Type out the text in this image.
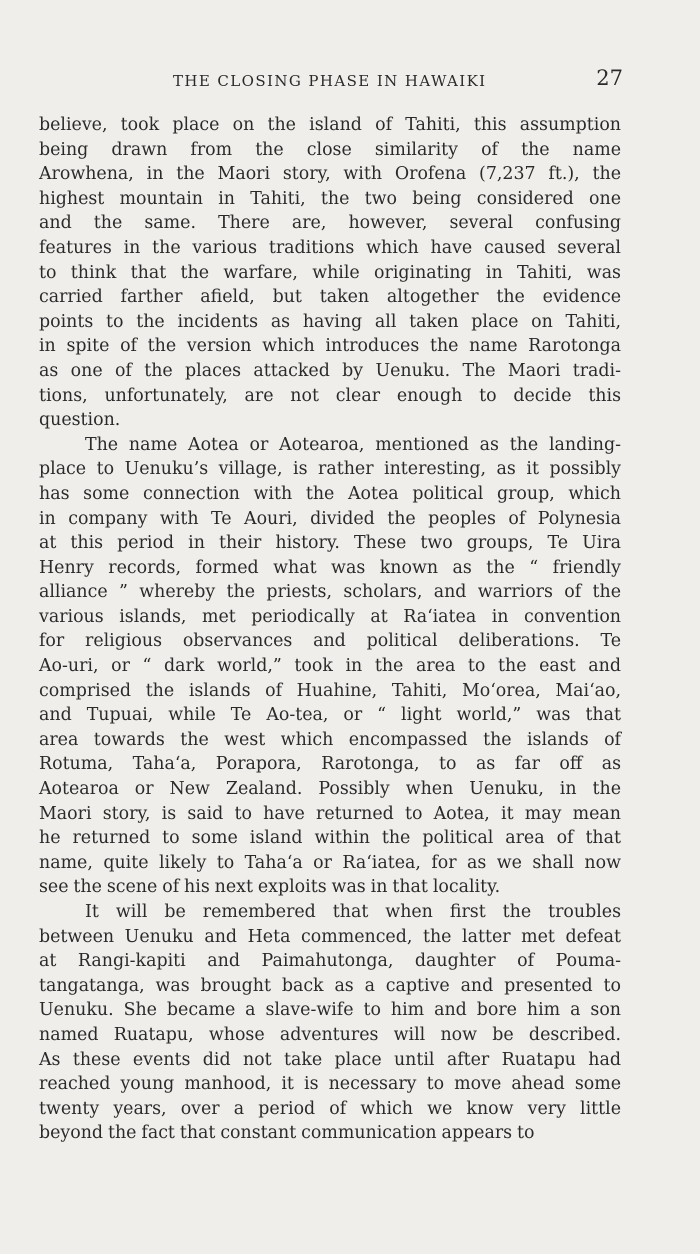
THE CLOSING PHASE IN HAWAIKI	27

believe, took place on the island of Tahiti, this assumption
being drawn from the close similarity of the name
Arowhena, in the Maori story, with Orofena (7,237 ft.), the
highest mountain in Tahiti, the two being considered one
and the same. There are, however, several confusing
features in the various traditions which have caused several
to think that the warfare, while originating in Tahiti, was
carried farther afield, but taken altogether the evidence
points to the incidents as having all taken place on Tahiti,
in spite of the version which introduces the name Rarotonga
as one of the places attacked by Uenuku. The Maori tradi-
tions, unfortunately, are not clear enough to decide this
question.

The name Aotea or Aotearoa, mentioned as the landing-
place to Uenuku’s village, is rather interesting, as it possibly
has some connection with the Aotea political group, which
in company with Te Aouri, divided the peoples of Polynesia
at this period in their history. These two groups, Te Uira
Henry records, formed what was known as the “ friendly
alliance ” whereby the priests, scholars, and warriors of the
various islands, met periodically at Ra‘iatea in convention
for religious observances and political deliberations. Te
Ao-uri, or “ dark world,” took in the area to the east and
comprised the islands of Huahine, Tahiti, Mo‘orea, Mai‘ao,
and Tupuai, while Te Ao-tea, or “ light world,” was that
area towards the west which encompassed the islands of
Rotuma, Taha‘a, Porapora, Rarotonga, to as far off as
Aotearoa or New Zealand. Possibly when Uenuku, in the
Maori story, is said to have returned to Aotea, it may mean
he returned to some island within the political area of that
name, quite likely to Taha‘a or Ra‘iatea, for as we shall now
see the scene of his next exploits was in that locality.

It will be remembered that when first the troubles
between Uenuku and Heta commenced, the latter met defeat
at Rangi-kapiti and Paimahutonga, daughter of Pouma-
tangatanga, was brought back as a captive and presented to
Uenuku. She became a slave-wife to him and bore him a son
named Ruatapu, whose adventures will now be described.
As these events did not take place until after Ruatapu had
reached young manhood, it is necessary to move ahead some
twenty years, over a period of which we know very little
beyond the fact that constant communication appears to
